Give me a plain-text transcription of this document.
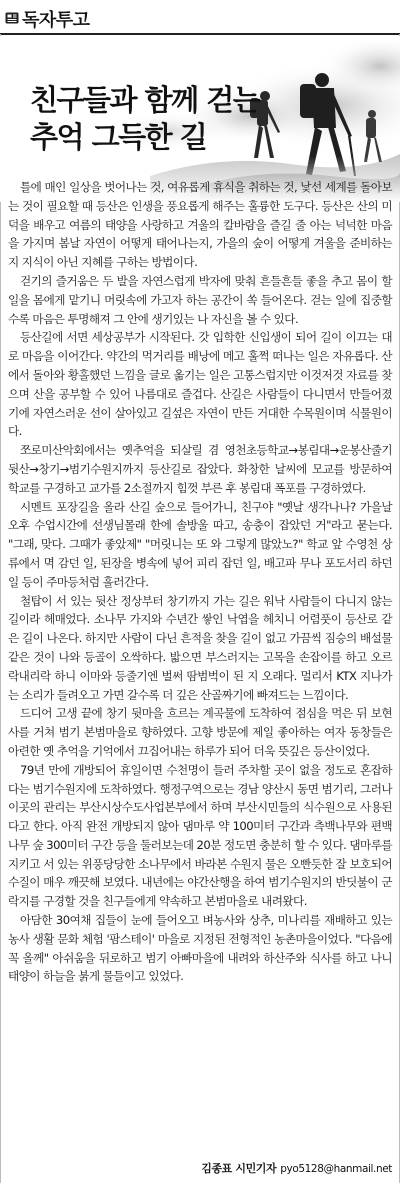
독자투고
친구들과 함께 걷는
추억 그득한 길

틀에 매인 일상을 벗어나는 것, 여유롭게 휴식을 취하는 것, 낯선 세계를 돌아보는 것이 필요할 때 등산은 인생을 풍요롭게 해주는 훌륭한 도구다. 등산은 산의 미덕을 배우고 여름의 태양을 사랑하고 겨울의 칼바람을 즐길 줄 아는 넉넉한 마음을 가지며 봄날 자연이 어떻게 태어나는지, 가을의 숲이 어떻게 겨울을 준비하는지 지식이 아닌 지혜를 구하는 방법이다.

걷기의 즐거움은 두 발을 자연스럽게 박자에 맞춰 흔들흔들 좋을 추고 몸이 할 일을 몸에게 맡기니 머릿속에 가고자 하는 공간이 쏙 들어온다. 걷는 일에 집중할수록 마음은 투명해져 그 안에 생기있는 나 자신을 볼 수 있다.

등산길에 서면 세상공부가 시작된다. 갓 입학한 신입생이 되어 길이 이끄는 대로 마음을 이어간다. 약간의 먹거리를 배낭에 메고 훌쩍 떠나는 일은 자유롭다. 산에서 돌아와 황홀했던 느낌을 글로 옮기는 일은 고통스럽지만 이것저것 자료를 찾으며 산을 공부할 수 있어 나름대로 즐겁다. 산길은 사람들이 다니면서 만들어졌기에 자연스러운 선이 살아있고 길섶은 자연이 만든 거대한 수목원이며 식물원이다.

쪼로미산악회에서는 옛추억을 되살릴 겸 영천초등학교→봉림대→운봉산줄기 뒷산→창기→범기수원지까지 등산길로 잡았다. 화창한 날씨에 모교를 방문하여 학교를 구경하고 교가를 2소절까지 힘껏 부른 후 봉림대 폭포를 구경하였다.

시멘트 포장길을 올라 산길 숲으로 들어가니, 친구야 "옛날 생각나나? 가을날 오후 수업시간에 선생님몰래 한에 솔방울 따고, 송충이 잡았던 거"라고 묻는다. "그래, 맞다. 그때가 좋았제" "머릿니는 또 와 그렇게 많았노?" 학교 앞 수영천 상류에서 멱 감던 일, 된장을 병속에 넣어 피리 잡던 일, 배고파 무나 포도서리 하던 일 등이 주마등처럼 흘러간다.

철탑이 서 있는 뒷산 정상부터 창기까지 가는 길은 워낙 사람들이 다니지 않는 길이라 헤매었다. 소나무 가지와 수년간 쌓인 낙엽을 헤치니 어렴풋이 등산로 같은 길이 나온다. 하지만 사람이 다닌 흔적을 찾을 길이 없고 가끔씩 짐승의 배설물 같은 것이 나와 등골이 오싹하다. 밟으면 부스러지는 고목을 손잡이를 하고 오르락내리락 하니 이마와 등줄기엔 벌써 땀범벅이 된 지 오래다. 멀리서 KTX 지나가는 소리가 들려오고 가면 갈수록 더 깊은 산골짜기에 빠져드는 느낌이다.

드디어 고생 끝에 창기 뒷마을 흐르는 계곡물에 도착하여 점심을 먹은 뒤 보현사를 거쳐 범기 본범마을로 향하였다. 고향 방문에 제일 좋아하는 여자 동창들은 아련한 옛 추억을 기억에서 끄집어내는 하루가 되어 더욱 뜻깊은 등산이었다.

79년 만에 개방되어 휴일이면 수천명이 들러 주차할 곳이 없을 정도로 혼잡하다는 범기수원지에 도착하였다. 행정구역으로는 경남 양산시 동면 범기리, 그러나 이곳의 관리는 부산시상수도사업본부에서 하며 부산시민들의 식수원으로 사용된다고 한다. 아직 완전 개방되지 않아 댐마루 약 100미터 구간과 측백나무와 편백나무 숲 300미터 구간 등을 둘러보는데 20분 정도면 충분히 할 수 있다. 댐마루를 지키고 서 있는 위풍당당한 소나무에서 바라본 수원지 물은 오빤듯한 잘 보호되어 수질이 매우 깨끗해 보였다. 내년에는 야간산행을 하여 범기수원지의 반딧불이 군락지를 구경할 것을 친구들에게 약속하고 본범마을로 내려왔다.

아담한 30여채 집들이 눈에 들어오고 벼농사와 상추, 미나리를 재배하고 있는 농사 생활 문화 체험 '팜스테이' 마을로 지정된 전형적인 농촌마을이었다. "다음에 꼭 올께" 아쉬움을 뒤로하고 범기 아빠마을에 내려와 하산주와 식사를 하고 나니 태양이 하늘을 붉게 물들이고 있었다.

김종표 시민기자 pyo5128@hanmail.net
